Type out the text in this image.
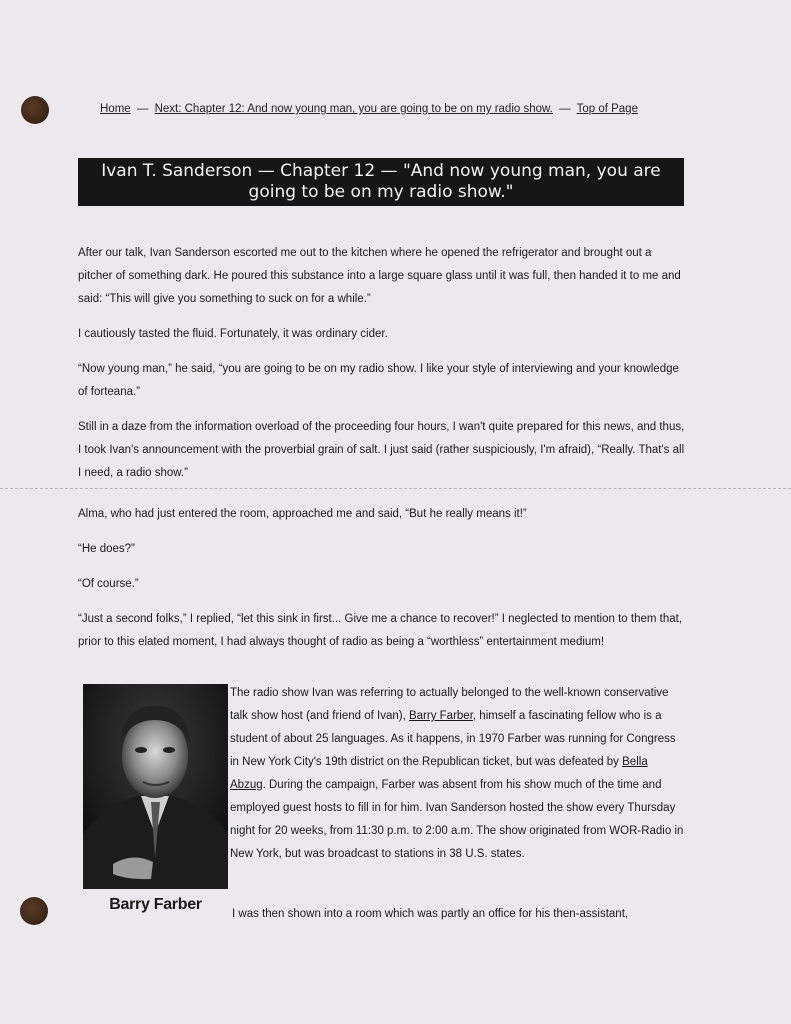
Home — Next: Chapter 12: And now young man, you are going to be on my radio show. — Top of Page
Ivan T. Sanderson — Chapter 12 — "And now young man, you are going to be on my radio show."

After our talk, Ivan Sanderson escorted me out to the kitchen where he opened the refrigerator and brought out a pitcher of something dark. He poured this substance into a large square glass until it was full, then handed it to me and said: “This will give you something to suck on for a while.”

I cautiously tasted the fluid. Fortunately, it was ordinary cider.

“Now young man,” he said, “you are going to be on my radio show. I like your style of interviewing and your knowledge of forteana.”

Still in a daze from the information overload of the proceeding four hours, I wan't quite prepared for this news, and thus, I took Ivan's announcement with the proverbial grain of salt. I just said (rather suspiciously, I'm afraid), “Really. That's all I need, a radio show.”

Alma, who had just entered the room, approached me and said, “But he really means it!”

“He does?”

“Of course.”

“Just a second folks,” I replied, “let this sink in first... Give me a chance to recover!” I neglected to mention to them that, prior to this elated moment, I had always thought of radio as being a “worthless” entertainment medium!

Barry Farber
The radio show Ivan was referring to actually belonged to the well-known conservative talk show host (and friend of Ivan), Barry Farber, himself a fascinating fellow who is a student of about 25 languages. As it happens, in 1970 Farber was running for Congress in New York City's 19th district on the Republican ticket, but was defeated by Bella Abzug. During the campaign, Farber was absent from his show much of the time and employed guest hosts to fill in for him. Ivan Sanderson hosted the show every Thursday night for 20 weeks, from 11:30 p.m. to 2:00 a.m. The show originated from WOR-Radio in New York, but was broadcast to stations in 38 U.S. states.
I was then shown into a room which was partly an office for his then-assistant,
